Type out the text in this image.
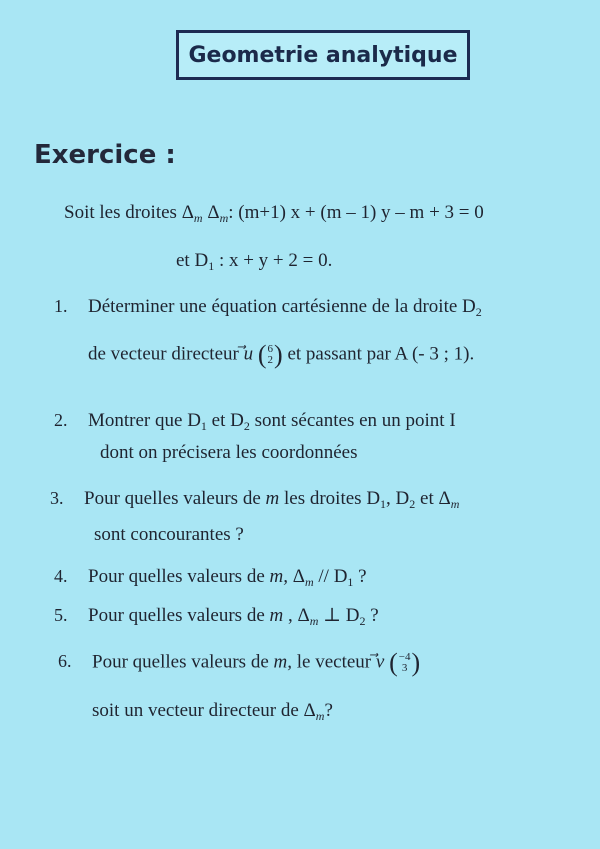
Geometrie analytique
Exercice :
Soit les droites $\Delta_m$ $\Delta_m$: (m+1) x + (m – 1) y – m + 3 = 0
et $D_1$ : x + y + 2 = 0.
1. Déterminer une équation cartésienne de la droite $D_2$
de vecteur directeur u ( 6
2 ) et passant par A (- 3 ; 1).
2. Montrer que $D_1$ et $D_2$ sont sécantes en un point I
dont on précisera les coordonnées
3. Pour quelles valeurs de m les droites $D_1$, $D_2$ et $\Delta_m$
sont concourantes ?
4. Pour quelles valeurs de m, $\Delta_m // D_1$ ?
5. Pour quelles valeurs de m , $\Delta_m$ ⊥ $D_2$ ?
6. Pour quelles valeurs de m, le vecteur v ( −4
3 )
soit un vecteur directeur de $\Delta_m$?
